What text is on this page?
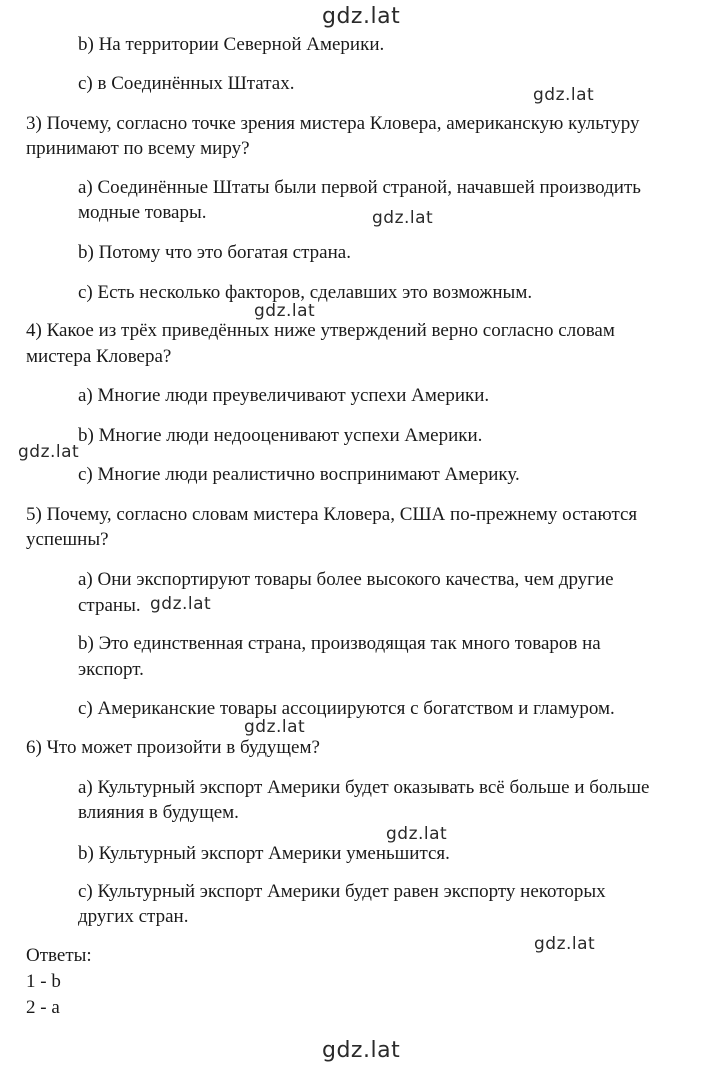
gdz.lat
gdz.lat
gdz.lat
gdz.lat
gdz.lat
gdz.lat
gdz.lat
gdz.lat
gdz.lat
gdz.lat
b) На территории Северной Америки.
c) в Соединённых Штатах.
3) Почему, согласно точке зрения мистера Кловера, американскую культуру
принимают по всему миру?
a) Соединённые Штаты были первой страной, начавшей производить
модные товары.
b) Потому что это богатая страна.
c) Есть несколько факторов, сделавших это возможным.
4) Какое из трёх приведённых ниже утверждений верно согласно словам
мистера Кловера?
a) Многие люди преувеличивают успехи Америки.
b) Многие люди недооценивают успехи Америки.
c) Многие люди реалистично воспринимают Америку.
5) Почему, согласно словам мистера Кловера, США по-прежнему остаются
успешны?
a) Они экспортируют товары более высокого качества, чем другие
страны.
b) Это единственная страна, производящая так много товаров на
экспорт.
c) Американские товары ассоциируются с богатством и гламуром.
6) Что может произойти в будущем?
a) Культурный экспорт Америки будет оказывать всё больше и больше
влияния в будущем.
b) Культурный экспорт Америки уменьшится.
c) Культурный экспорт Америки будет равен экспорту некоторых
других стран.
Ответы:
1 - b
2 - a
